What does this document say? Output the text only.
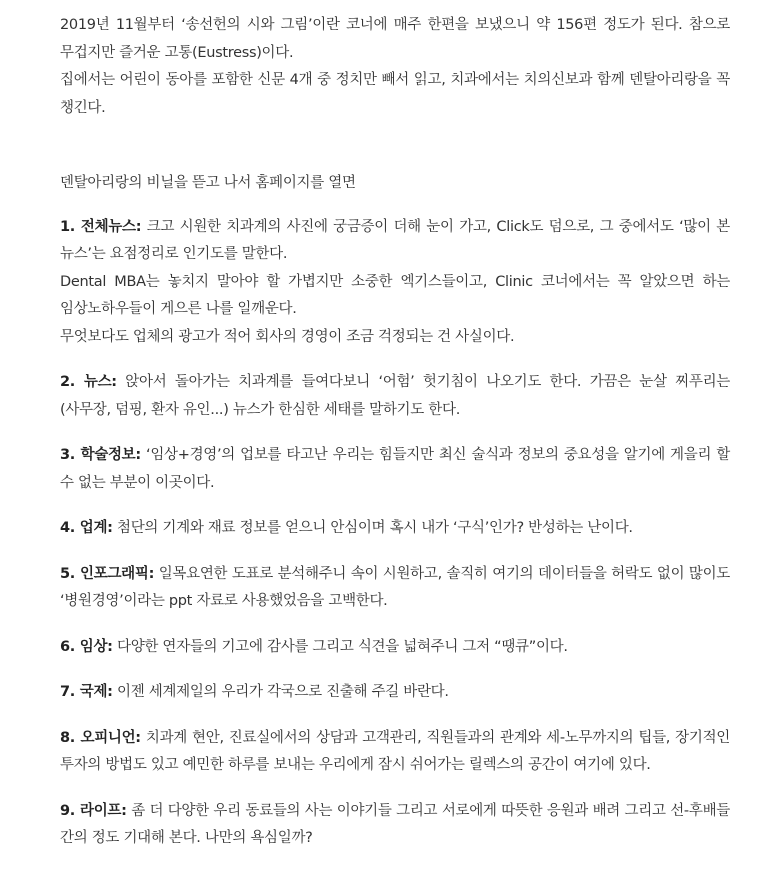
2019년 11월부터 ‘송선헌의 시와 그림’이란 코너에 매주 한편을 보냈으니 약 156편 정도가 된다. 참으로 무겁지만 즐거운 고통(Eustress)이다.

집에서는 어린이 동아를 포함한 신문 4개 중 정치만 빼서 읽고, 치과에서는 치의신보과 함께 덴탈아리랑을 꼭 챙긴다.

덴탈아리랑의 비닐을 뜯고 나서 홈페이지를 열면

1. 전체뉴스: 크고 시원한 치과계의 사진에 궁금증이 더해 눈이 가고, Click도 덤으로, 그 중에서도 ‘많이 본 뉴스’는 요점정리로 인기도를 말한다.

Dental MBA는 놓치지 말아야 할 가볍지만 소중한 엑기스들이고, Clinic 코너에서는 꼭 알았으면 하는 임상노하우들이 게으른 나를 일깨운다.

무엇보다도 업체의 광고가 적어 회사의 경영이 조금 걱정되는 건 사실이다.

2. 뉴스: 앉아서 돌아가는 치과계를 들여다보니 ‘어험’ 헛기침이 나오기도 한다. 가끔은 눈살 찌푸리는(사무장, 덤핑, 환자 유인...) 뉴스가 한심한 세태를 말하기도 한다.

3. 학술정보: ‘임상+경영’의 업보를 타고난 우리는 힘들지만 최신 술식과 정보의 중요성을 알기에 게을리 할 수 없는 부분이 이곳이다.

4. 업계: 첨단의 기계와 재료 정보를 얻으니 안심이며 혹시 내가 ‘구식’인가? 반성하는 난이다.

5. 인포그래픽: 일목요연한 도표로 분석해주니 속이 시원하고, 솔직히 여기의 데이터들을 허락도 없이 많이도 ‘병원경영’이라는 ppt 자료로 사용했었음을 고백한다.

6. 임상: 다양한 연자들의 기고에 감사를 그리고 식견을 넓혀주니 그저 “땡큐”이다.

7. 국제: 이젠 세계제일의 우리가 각국으로 진출해 주길 바란다.

8. 오피니언: 치과계 현안, 진료실에서의 상담과 고객관리, 직원들과의 관계와 세-노무까지의 팁들, 장기적인 투자의 방법도 있고 예민한 하루를 보내는 우리에게 잠시 쉬어가는 릴렉스의 공간이 여기에 있다.

9. 라이프: 좀 더 다양한 우리 동료들의 사는 이야기들 그리고 서로에게 따뜻한 응원과 배려 그리고 선-후배들 간의 정도 기대해 본다. 나만의 욕심일까?
